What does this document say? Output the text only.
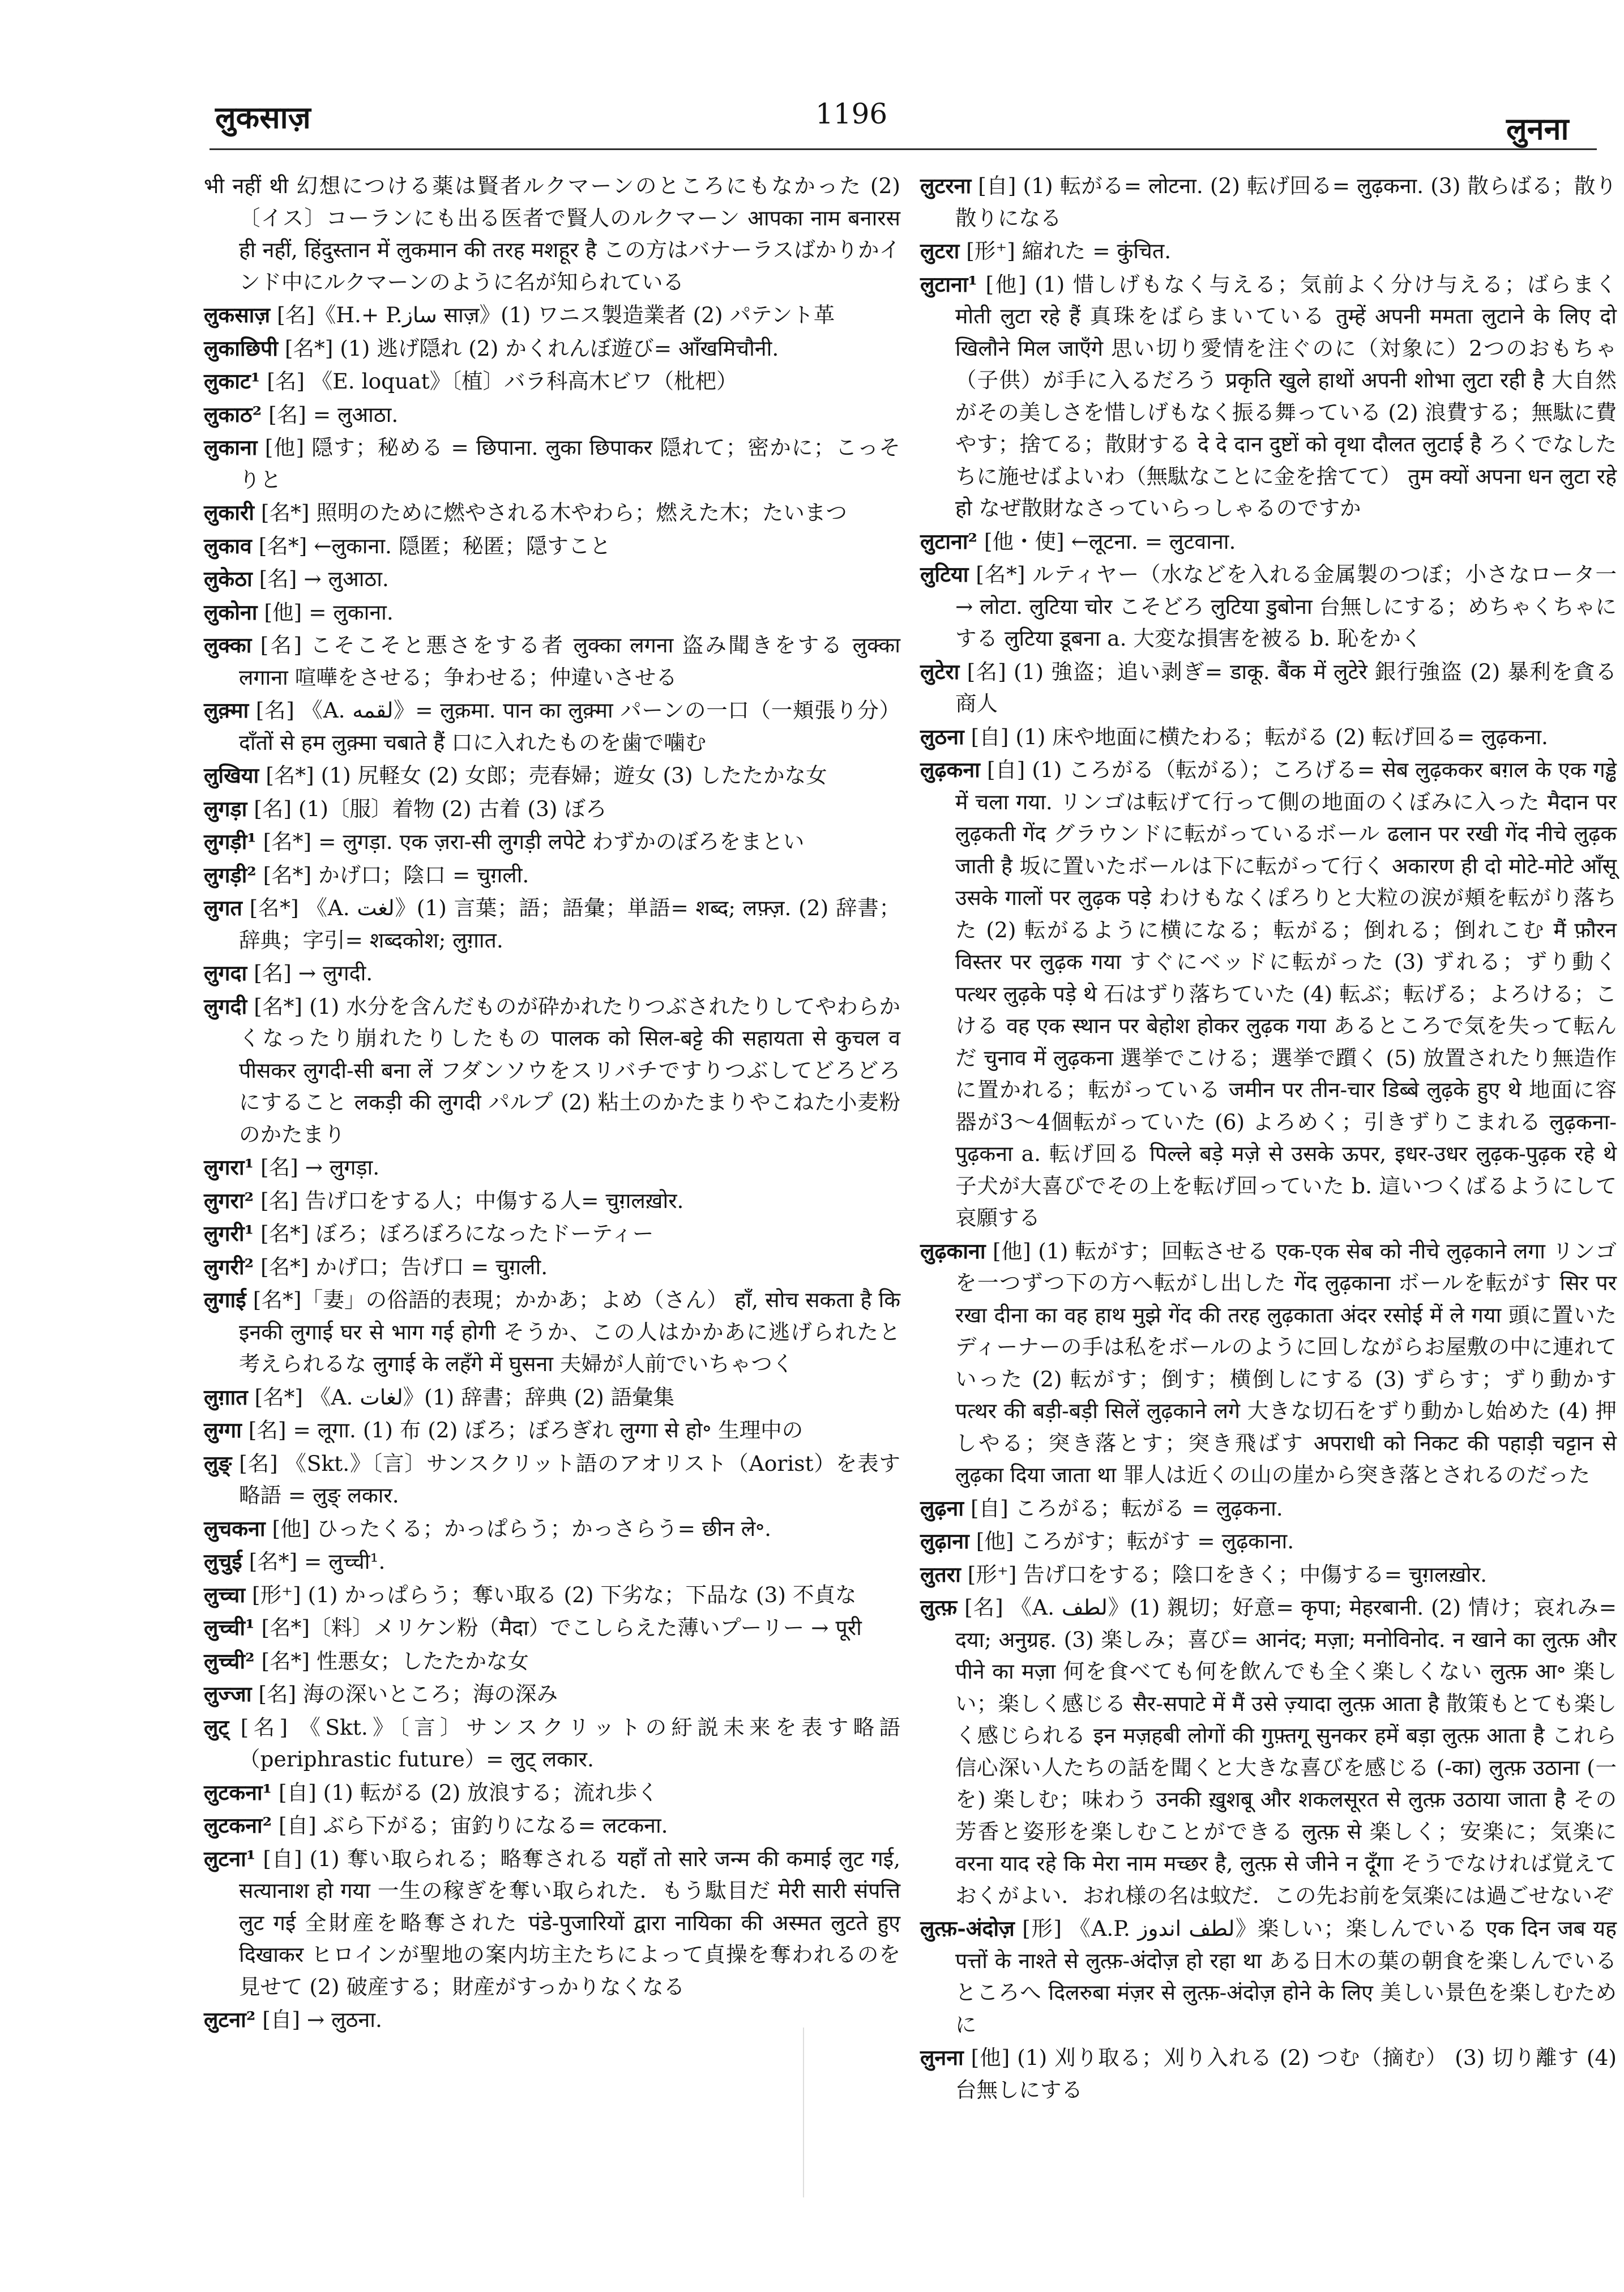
लुकसाज़	1196	लुनना

भी नहीं थी 幻想につける薬は賢者ルクマーンのところにもなかった (2)〔イス〕コーランにも出る医者で賢人のルクマーン आपका नाम बनारस ही नहीं, हिंदुस्तान में लुकमान की तरह मशहूर है この方はバナーラスばかりかインド中にルクマーンのように名が知られている

लुकसाज़ [名]《H.+ P.ساز साज़》(1) ワニス製造業者 (2) パテント革

लुकाछिपी [名*] (1) 逃げ隠れ (2) かくれんぼ遊び= आँखमिचौनी.

लुकाट¹ [名] 《E. loquat》〔植〕バラ科高木ビワ（枇杷）

लुकाठ² [名] = लुआठा.

लुकाना [他] 隠す；秘める = छिपाना. लुका छिपाकर 隠れて；密かに；こっそりと

लुकारी [名*] 照明のために燃やされる木やわら；燃えた木；たいまつ

लुकाव [名*] ←लुकाना. 隠匿；秘匿；隠すこと

लुकेठा [名] → लुआठा.

लुकोना [他] = लुकाना.

लुक्का [名] こそこそと悪さをする者 लुक्का लगना 盗み聞きをする लुक्का लगाना 喧嘩をさせる；争わせる；仲違いさせる

लुक़्मा [名] 《A. لقمه》= लुक़मा. पान का लुक़्मा パーンの一口（一頬張り分） दाँतों से हम लुक़्मा चबाते हैं 口に入れたものを歯で噛む

लुखिया [名*] (1) 尻軽女 (2) 女郎；売春婦；遊女 (3) したたかな女

लुगड़ा [名] (1)〔服〕着物 (2) 古着 (3) ぼろ

लुगड़ी¹ [名*] = लुगड़ा. एक ज़रा-सी लुगड़ी लपेटे わずかのぼろをまとい

लुगड़ी² [名*] かげ口；陰口 = चुग़ली.

लुगत [名*] 《A. لغت》(1) 言葉；語；語彙；単語= शब्द; लफ़्ज़. (2) 辞書；辞典；字引= शब्दकोश; लुग़ात.

लुगदा [名] → लुगदी.

लुगदी [名*] (1) 水分を含んだものが砕かれたりつぶされたりしてやわらかくなったり崩れたりしたもの पालक को सिल-बट्टे की सहायता से कुचल व पीसकर लुगदी-सी बना लें フダンソウをスリバチですりつぶしてどろどろにすること लकड़ी की लुगदी パルプ (2) 粘土のかたまりやこねた小麦粉のかたまり

लुगरा¹ [名] → लुगड़ा.

लुगरा² [名] 告げ口をする人；中傷する人= चुग़लख़ोर.

लुगरी¹ [名*] ぼろ；ぼろぼろになったドーティー

लुगरी² [名*] かげ口；告げ口 = चुग़ली.

लुगाई [名*]「妻」の俗語的表現；かかあ；よめ（さん） हाँ, सोच सकता है कि इनकी लुगाई घर से भाग गई होगी そうか、この人はかかあに逃げられたと考えられるな लुगाई के लहँगे में घुसना 夫婦が人前でいちゃつく

लुग़ात [名*] 《A. لغات》(1) 辞書；辞典 (2) 語彙集

लुग्गा [名] = लूगा. (1) 布 (2) ぼろ；ぼろぎれ लुग्गा से हो॰ 生理中の

लुङ् [名] 《Skt.》〔言〕サンスクリット語のアオリスト（Aorist）を表す略語 = लुङ् लकार.

लुचकना [他] ひったくる；かっぱらう；かっさらう= छीन ले॰.

लुचुई [名*] = लुच्ची¹.

लुच्चा [形⁺] (1) かっぱらう；奪い取る (2) 下劣な；下品な (3) 不貞な

लुच्ची¹ [名*]〔料〕メリケン粉（मैदा）でこしらえた薄いプーリー → पूरी

लुच्ची² [名*] 性悪女；したたかな女

लुज्जा [名] 海の深いところ；海の深み

लुट् [名] 《Skt.》〔言〕サンスクリットの紆説未来を表す略語（periphrastic future）= लुट् लकार.

लुटकना¹ [自] (1) 転がる (2) 放浪する；流れ歩く

लुटकना² [自] ぶら下がる；宙釣りになる= लटकना.

लुटना¹ [自] (1) 奪い取られる；略奪される यहाँ तो सारे जन्म की कमाई लुट गई, सत्यानाश हो गया 一生の稼ぎを奪い取られた．もう駄目だ मेरी सारी संपत्ति लुट गई 全財産を略奪された पंडे-पुजारियों द्वारा नायिका की अस्मत लुटते हुए दिखाकर ヒロインが聖地の案内坊主たちによって貞操を奪われるのを見せて (2) 破産する；財産がすっかりなくなる

लुटना² [自] → लुठना.

लुटरना [自] (1) 転がる= लोटना. (2) 転げ回る= लुढ़कना. (3) 散らばる；散り散りになる

लुटरा [形⁺] 縮れた = कुंचित.

लुटाना¹ [他] (1) 惜しげもなく与える；気前よく分け与える；ばらまく मोती लुटा रहे हैं 真珠をばらまいている तुम्हें अपनी ममता लुटाने के लिए दो खिलौने मिल जाएँगे 思い切り愛情を注ぐのに（対象に）2つのおもちゃ（子供）が手に入るだろう प्रकृति खुले हाथों अपनी शोभा लुटा रही है 大自然がその美しさを惜しげもなく振る舞っている (2) 浪費する；無駄に費やす；捨てる；散財する दे दे दान दुष्टों को वृथा दौलत लुटाई है ろくでなしたちに施せばよいわ（無駄なことに金を捨てて） तुम क्यों अपना धन लुटा रहे हो なぜ散財なさっていらっしゃるのですか

लुटाना² [他・使] ←लूटना. = लुटवाना.

लुटिया [名*] ルティヤー（水などを入れる金属製のつぼ；小さなロータ一→ लोटा. लुटिया चोर こそどろ लुटिया डुबोना 台無しにする；めちゃくちゃにする लुटिया डूबना a. 大変な損害を被る b. 恥をかく

लुटेरा [名] (1) 強盗；追い剥ぎ= डाकू. बैंक में लुटेरे 銀行強盗 (2) 暴利を貪る商人

लुठना [自] (1) 床や地面に横たわる；転がる (2) 転げ回る= लुढ़कना.

लुढ़कना [自] (1) ころがる（転がる）；ころげる= सेब लुढ़ककर बग़ल के एक गड्ढे में चला गया. リンゴは転げて行って側の地面のくぼみに入った मैदान पर लुढ़कती गेंद グラウンドに転がっているボール ढलान पर रखी गेंद नीचे लुढ़क जाती है 坂に置いたボールは下に転がって行く अकारण ही दो मोटे-मोटे आँसू उसके गालों पर लुढ़क पड़े わけもなくぽろりと大粒の涙が頬を転がり落ちた (2) 転がるように横になる；転がる；倒れる；倒れこむ मैं फ़ौरन विस्तर पर लुढ़क गया すぐにベッドに転がった (3) ずれる；ずり動く पत्थर लुढ़के पड़े थे 石はずり落ちていた (4) 転ぶ；転げる；よろける；こける वह एक स्थान पर बेहोश होकर लुढ़क गया あるところで気を失って転んだ चुनाव में लुढ़कना 選挙でこける；選挙で躓く (5) 放置されたり無造作に置かれる；転がっている जमीन पर तीन-चार डिब्बे लुढ़के हुए थे 地面に容器が3〜4個転がっていた (6) よろめく；引きずりこまれる लुढ़कना-पुढ़कना a. 転げ回る पिल्ले बड़े मज़े से उसके ऊपर, इधर-उधर लुढ़क-पुढ़क रहे थे 子犬が大喜びでその上を転げ回っていた b. 這いつくばるようにして哀願する

लुढ़काना [他] (1) 転がす；回転させる एक-एक सेब को नीचे लुढ़काने लगा リンゴを一つずつ下の方へ転がし出した गेंद लुढ़काना ボールを転がす सिर पर रखा दीना का वह हाथ मुझे गेंद की तरह लुढ़काता अंदर रसोई में ले गया 頭に置いたディーナーの手は私をボールのように回しながらお屋敷の中に連れていった (2) 転がす；倒す；横倒しにする (3) ずらす；ずり動かす पत्थर की बड़ी-बड़ी सिलें लुढ़काने लगे 大きな切石をずり動かし始めた (4) 押しやる；突き落とす；突き飛ばす अपराधी को निकट की पहाड़ी चट्टान से लुढ़का दिया जाता था 罪人は近くの山の崖から突き落とされるのだった

लुढ़ना [自] ころがる；転がる = लुढ़कना.

लुढ़ाना [他] ころがす；転がす = लुढ़काना.

लुतरा [形⁺] 告げ口をする；陰口をきく；中傷する= चुग़लख़ोर.

लुत्फ़ [名] 《A. لطف》(1) 親切；好意= कृपा; मेहरबानी. (2) 情け；哀れみ= दया; अनुग्रह. (3) 楽しみ；喜び= आनंद; मज़ा; मनोविनोद. न खाने का लुत्फ़ और पीने का मज़ा 何を食べても何を飲んでも全く楽しくない लुत्फ़ आ॰ 楽しい；楽しく感じる सैर-सपाटे में मैं उसे ज़्यादा लुत्फ़ आता है 散策もとても楽しく感じられる इन मज़हबी लोगों की गुफ़्तगू सुनकर हमें बड़ा लुत्फ़ आता है これら信心深い人たちの話を聞くと大きな喜びを感じる (-का) लुत्फ़ उठाना (一を) 楽しむ；味わう उनकी ख़ुशबू और शकलसूरत से लुत्फ़ उठाया जाता है その芳香と姿形を楽しむことができる लुत्फ़ से 楽しく；安楽に；気楽に वरना याद रहे कि मेरा नाम मच्छर है, लुत्फ़ से जीने न दूँगा そうでなければ覚えておくがよい．おれ様の名は蚊だ．この先お前を気楽には過ごせないぞ

लुत्फ़-अंदोज़ [形] 《A.P. لطف اندوز》楽しい；楽しんでいる एक दिन जब यह पत्तों के नाश्ते से लुत्फ़-अंदोज़ हो रहा था ある日木の葉の朝食を楽しんでいるところへ दिलरुबा मंज़र से लुत्फ़-अंदोज़ होने के लिए 美しい景色を楽しむために

लुनना [他] (1) 刈り取る；刈り入れる (2) つむ（摘む） (3) 切り離す (4) 台無しにする
